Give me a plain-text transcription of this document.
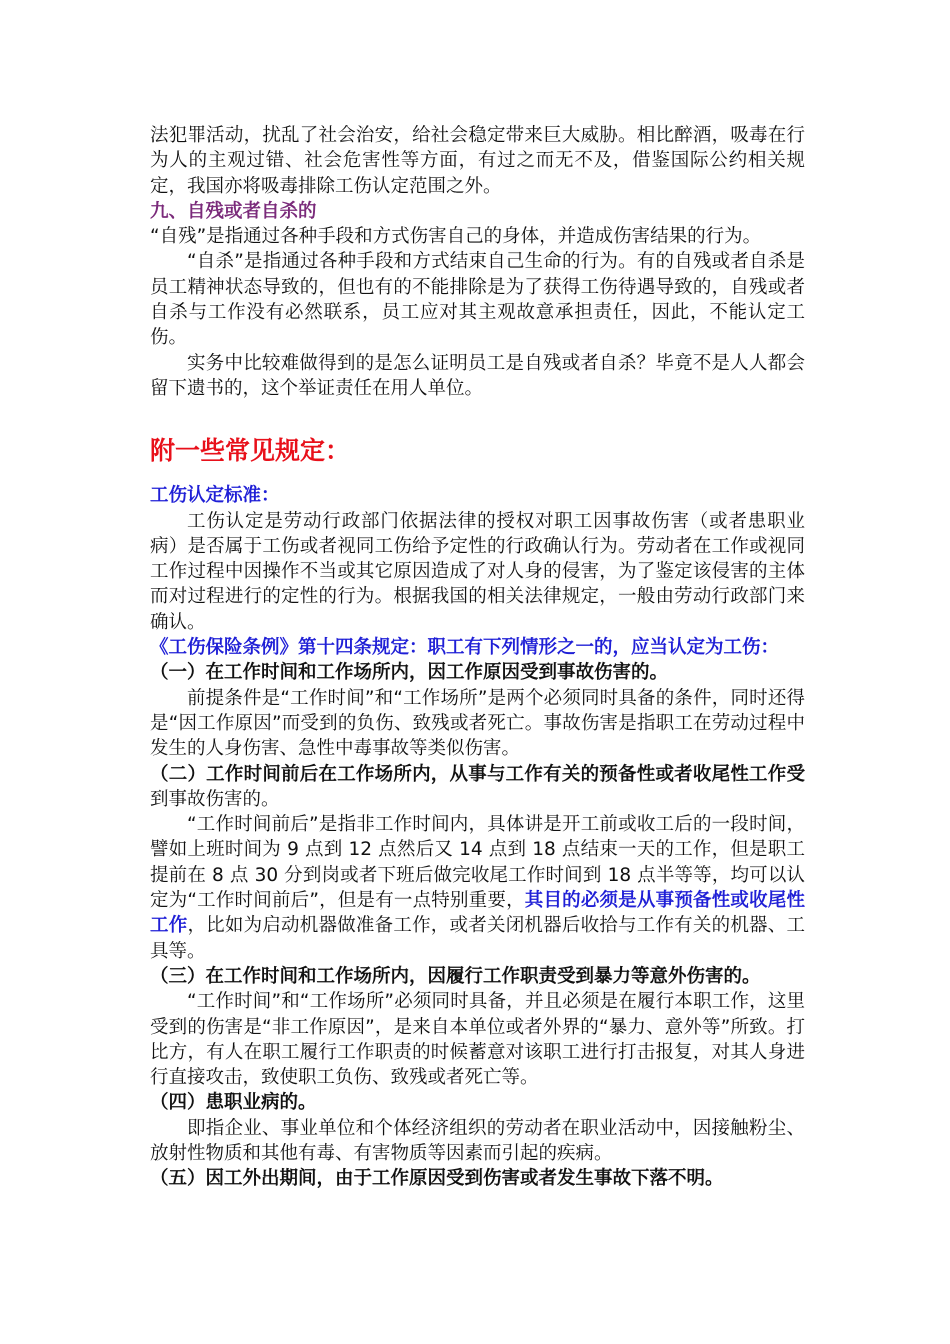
法犯罪活动，扰乱了社会治安，给社会稳定带来巨大威胁。相比醉酒，吸毒在行为人的主观过错、社会危害性等方面，有过之而无不及，借鉴国际公约相关规定，我国亦将吸毒排除工伤认定范围之外。

九、自残或者自杀的

“自残”是指通过各种手段和方式伤害自己的身体，并造成伤害结果的行为。

“自杀”是指通过各种手段和方式结束自己生命的行为。有的自残或者自杀是员工精神状态导致的，但也有的不能排除是为了获得工伤待遇导致的，自残或者自杀与工作没有必然联系，员工应对其主观故意承担责任，因此，不能认定工伤。

实务中比较难做得到的是怎么证明员工是自残或者自杀？毕竟不是人人都会留下遗书的，这个举证责任在用人单位。

附一些常见规定：

工伤认定标准：

工伤认定是劳动行政部门依据法律的授权对职工因事故伤害（或者患职业病）是否属于工伤或者视同工伤给予定性的行政确认行为。劳动者在工作或视同工作过程中因操作不当或其它原因造成了对人身的侵害，为了鉴定该侵害的主体而对过程进行的定性的行为。根据我国的相关法律规定，一般由劳动行政部门来确认。

《工伤保险条例》第十四条规定：职工有下列情形之一的，应当认定为工伤：

（一）在工作时间和工作场所内，因工作原因受到事故伤害的。

前提条件是“工作时间”和“工作场所”是两个必须同时具备的条件，同时还得是“因工作原因”而受到的负伤、致残或者死亡。事故伤害是指职工在劳动过程中发生的人身伤害、急性中毒事故等类似伤害。

（二）工作时间前后在工作场所内，从事与工作有关的预备性或者收尾性工作受到事故伤害的。

“工作时间前后”是指非工作时间内，具体讲是开工前或收工后的一段时间，譬如上班时间为 9 点到 12 点然后又 14 点到 18 点结束一天的工作，但是职工提前在 8 点 30 分到岗或者下班后做完收尾工作时间到 18 点半等等，均可以认定为“工作时间前后”，但是有一点特别重要，其目的必须是从事预备性或收尾性工作，比如为启动机器做准备工作，或者关闭机器后收拾与工作有关的机器、工具等。

（三）在工作时间和工作场所内，因履行工作职责受到暴力等意外伤害的。

“工作时间”和“工作场所”必须同时具备，并且必须是在履行本职工作，这里受到的伤害是“非工作原因”，是来自本单位或者外界的“暴力、意外等”所致。打比方，有人在职工履行工作职责的时候蓄意对该职工进行打击报复，对其人身进行直接攻击，致使职工负伤、致残或者死亡等。

（四）患职业病的。

即指企业、事业单位和个体经济组织的劳动者在职业活动中，因接触粉尘、放射性物质和其他有毒、有害物质等因素而引起的疾病。

（五）因工外出期间，由于工作原因受到伤害或者发生事故下落不明。
